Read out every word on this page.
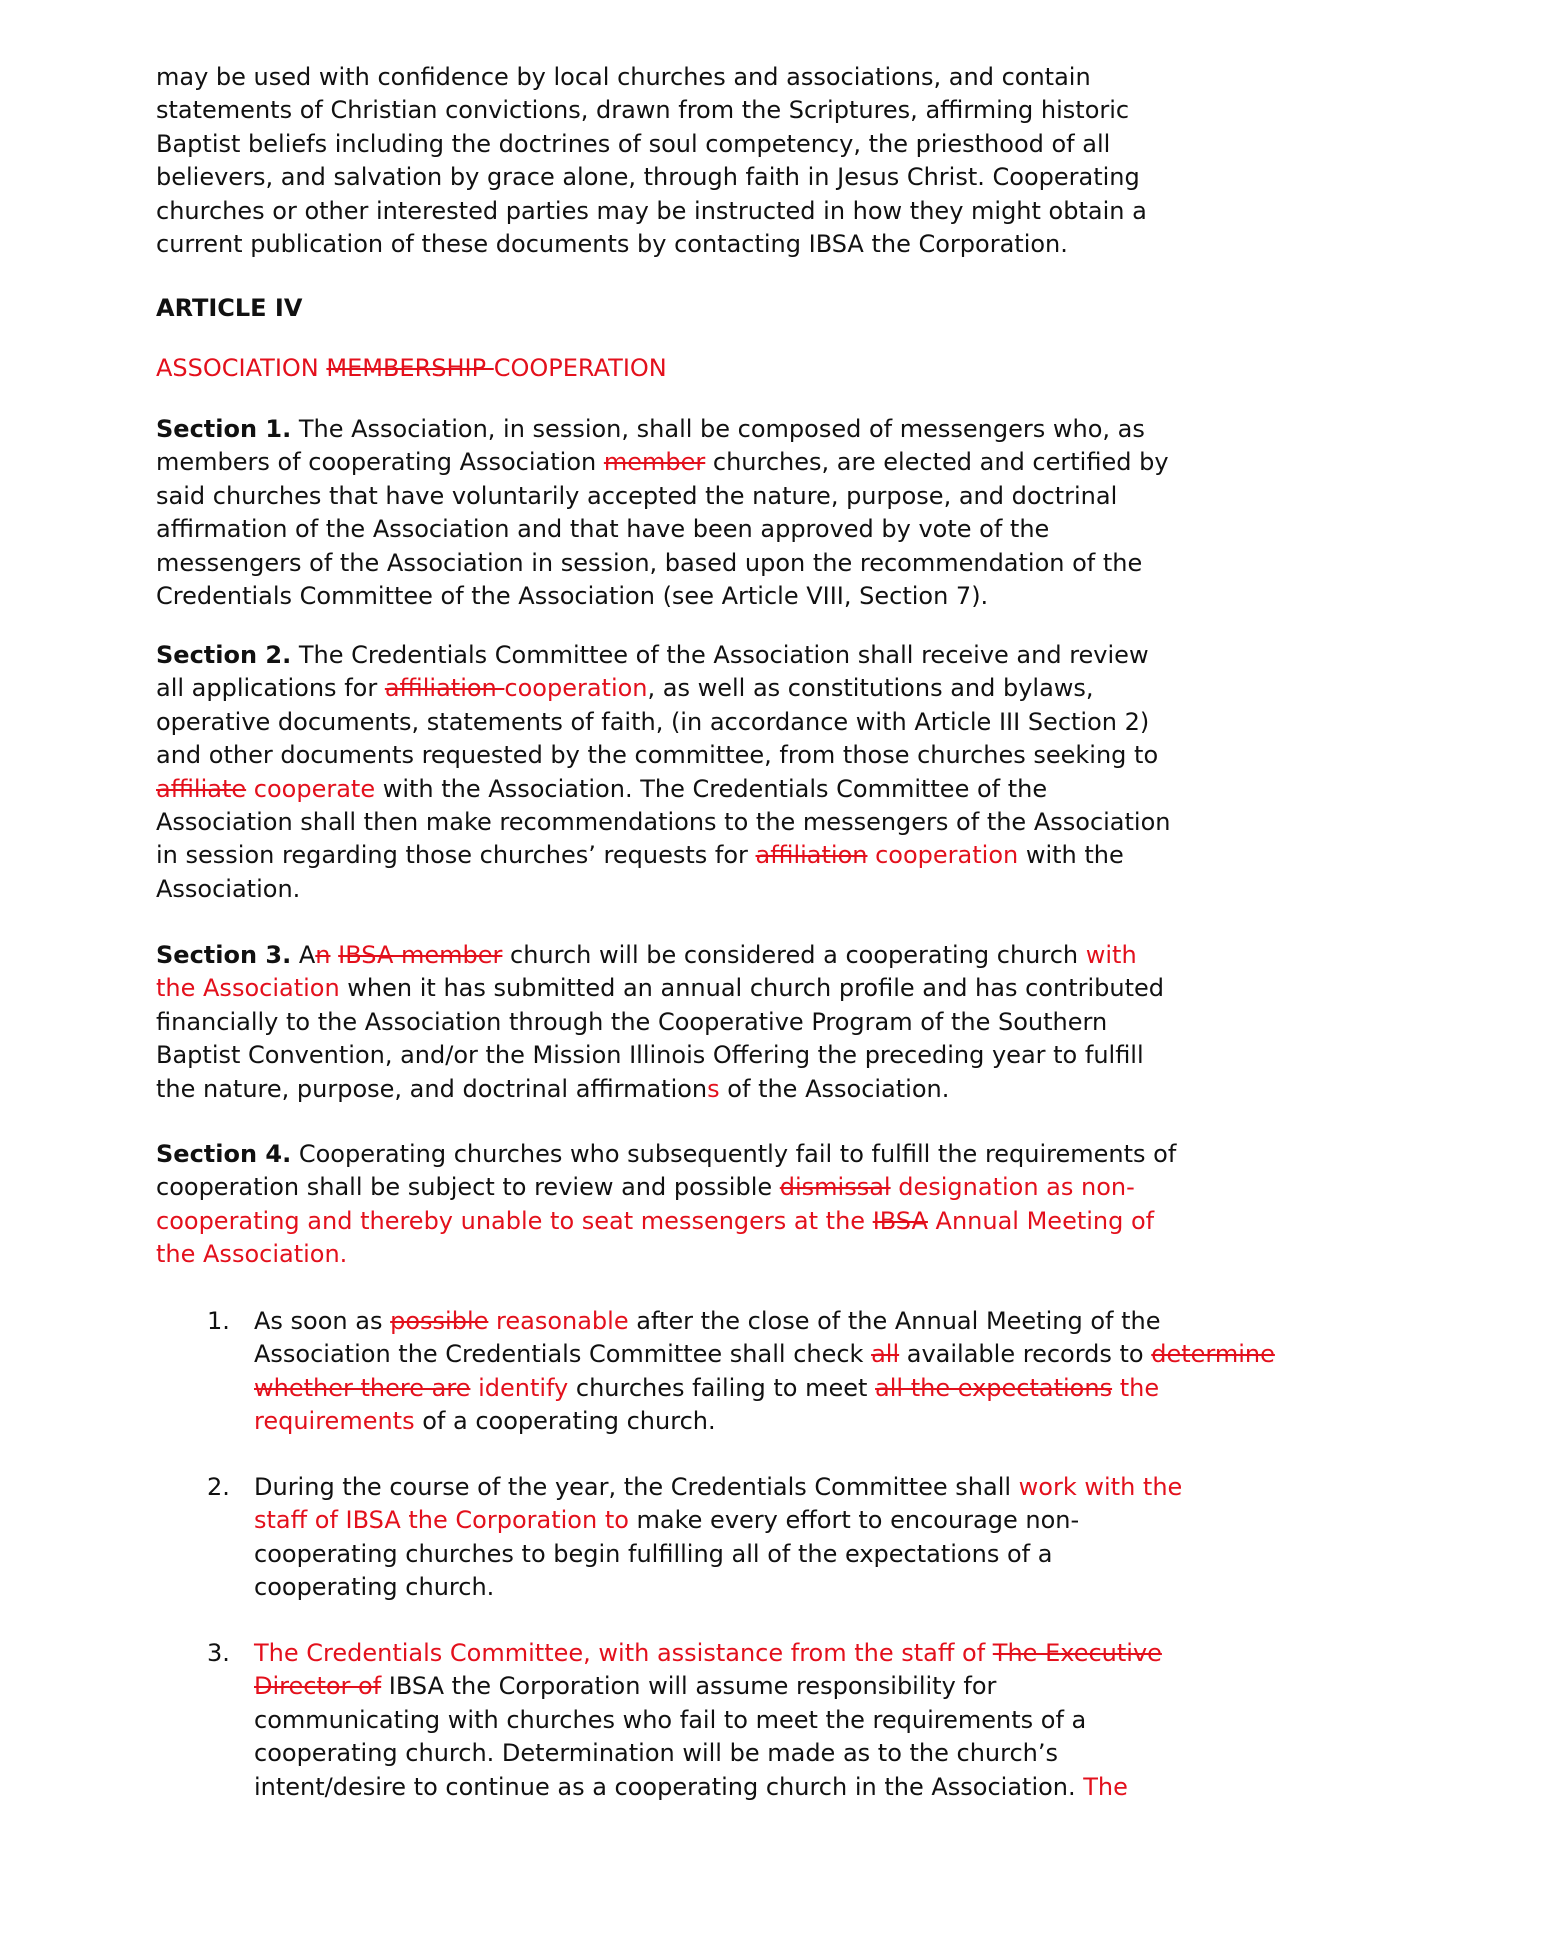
may be used with confidence by local churches and associations, and contain
statements of Christian convictions, drawn from the Scriptures, affirming historic
Baptist beliefs including the doctrines of soul competency, the priesthood of all
believers, and salvation by grace alone, through faith in Jesus Christ. Cooperating
churches or other interested parties may be instructed in how they might obtain a
current publication of these documents by contacting IBSA the Corporation.
ARTICLE IV
ASSOCIATION MEMBERSHIP COOPERATION
Section 1. The Association, in session, shall be composed of messengers who, as
members of cooperating Association member churches, are elected and certified by
said churches that have voluntarily accepted the nature, purpose, and doctrinal
affirmation of the Association and that have been approved by vote of the
messengers of the Association in session, based upon the recommendation of the
Credentials Committee of the Association (see Article VIII, Section 7).
Section 2. The Credentials Committee of the Association shall receive and review
all applications for affiliation cooperation, as well as constitutions and bylaws,
operative documents, statements of faith, (in accordance with Article III Section 2)
and other documents requested by the committee, from those churches seeking to
affiliate cooperate with the Association. The Credentials Committee of the
Association shall then make recommendations to the messengers of the Association
in session regarding those churches’ requests for affiliation cooperation with the
Association.
Section 3. An IBSA member church will be considered a cooperating church with
the Association when it has submitted an annual church profile and has contributed
financially to the Association through the Cooperative Program of the Southern
Baptist Convention, and/or the Mission Illinois Offering the preceding year to fulfill
the nature, purpose, and doctrinal affirmations of the Association.
Section 4. Cooperating churches who subsequently fail to fulfill the requirements of
cooperation shall be subject to review and possible dismissal designation as non-
cooperating and thereby unable to seat messengers at the IBSA Annual Meeting of
the Association.
1. As soon as possible reasonable after the close of the Annual Meeting of the
Association the Credentials Committee shall check all available records to determine
whether there are identify churches failing to meet all the expectations the
requirements of a cooperating church.
2. During the course of the year, the Credentials Committee shall work with the
staff of IBSA the Corporation to make every effort to encourage non-
cooperating churches to begin fulfilling all of the expectations of a
cooperating church.
3. The Credentials Committee, with assistance from the staff of The Executive
Director of IBSA the Corporation will assume responsibility for
communicating with churches who fail to meet the requirements of a
cooperating church. Determination will be made as to the church’s
intent/desire to continue as a cooperating church in the Association. The
